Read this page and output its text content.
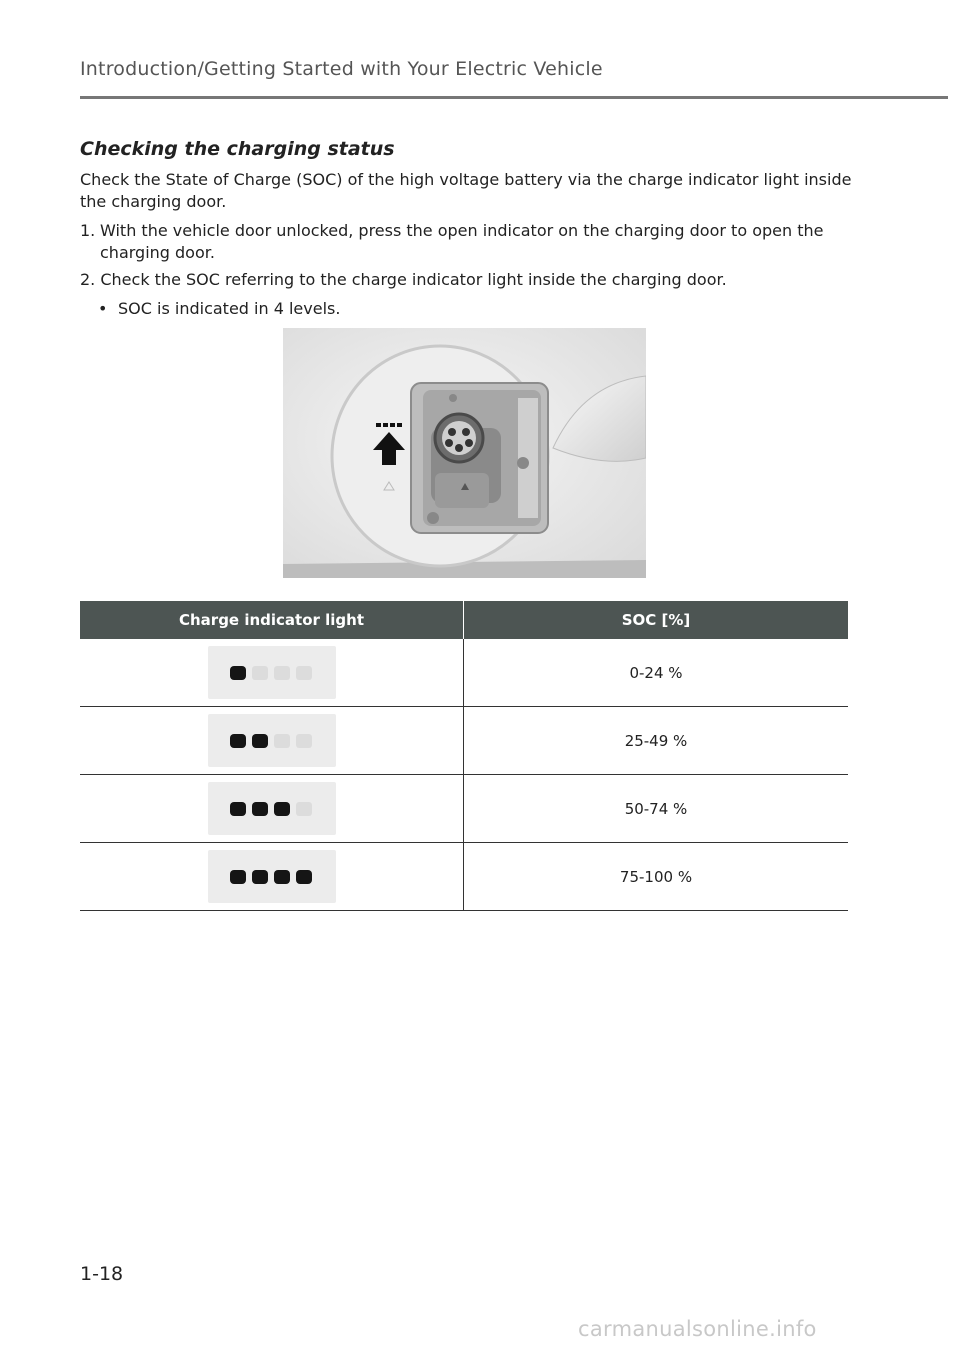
Introduction/Getting Started with Your Electric Vehicle
Checking the charging status
Check the State of Charge (SOC) of the high voltage battery via the charge indicator light inside the charging door.
1. With the vehicle door unlocked, press the open indicator on the charging door to open the charging door.
2. Check the SOC referring to the charge indicator light inside the charging door.
• SOC is indicated in 4 levels.
Charge indicator light	SOC [%]

	0-24 %

	25-49 %

	50-74 %

	75-100 %
1-18
carmanualsonline.info
